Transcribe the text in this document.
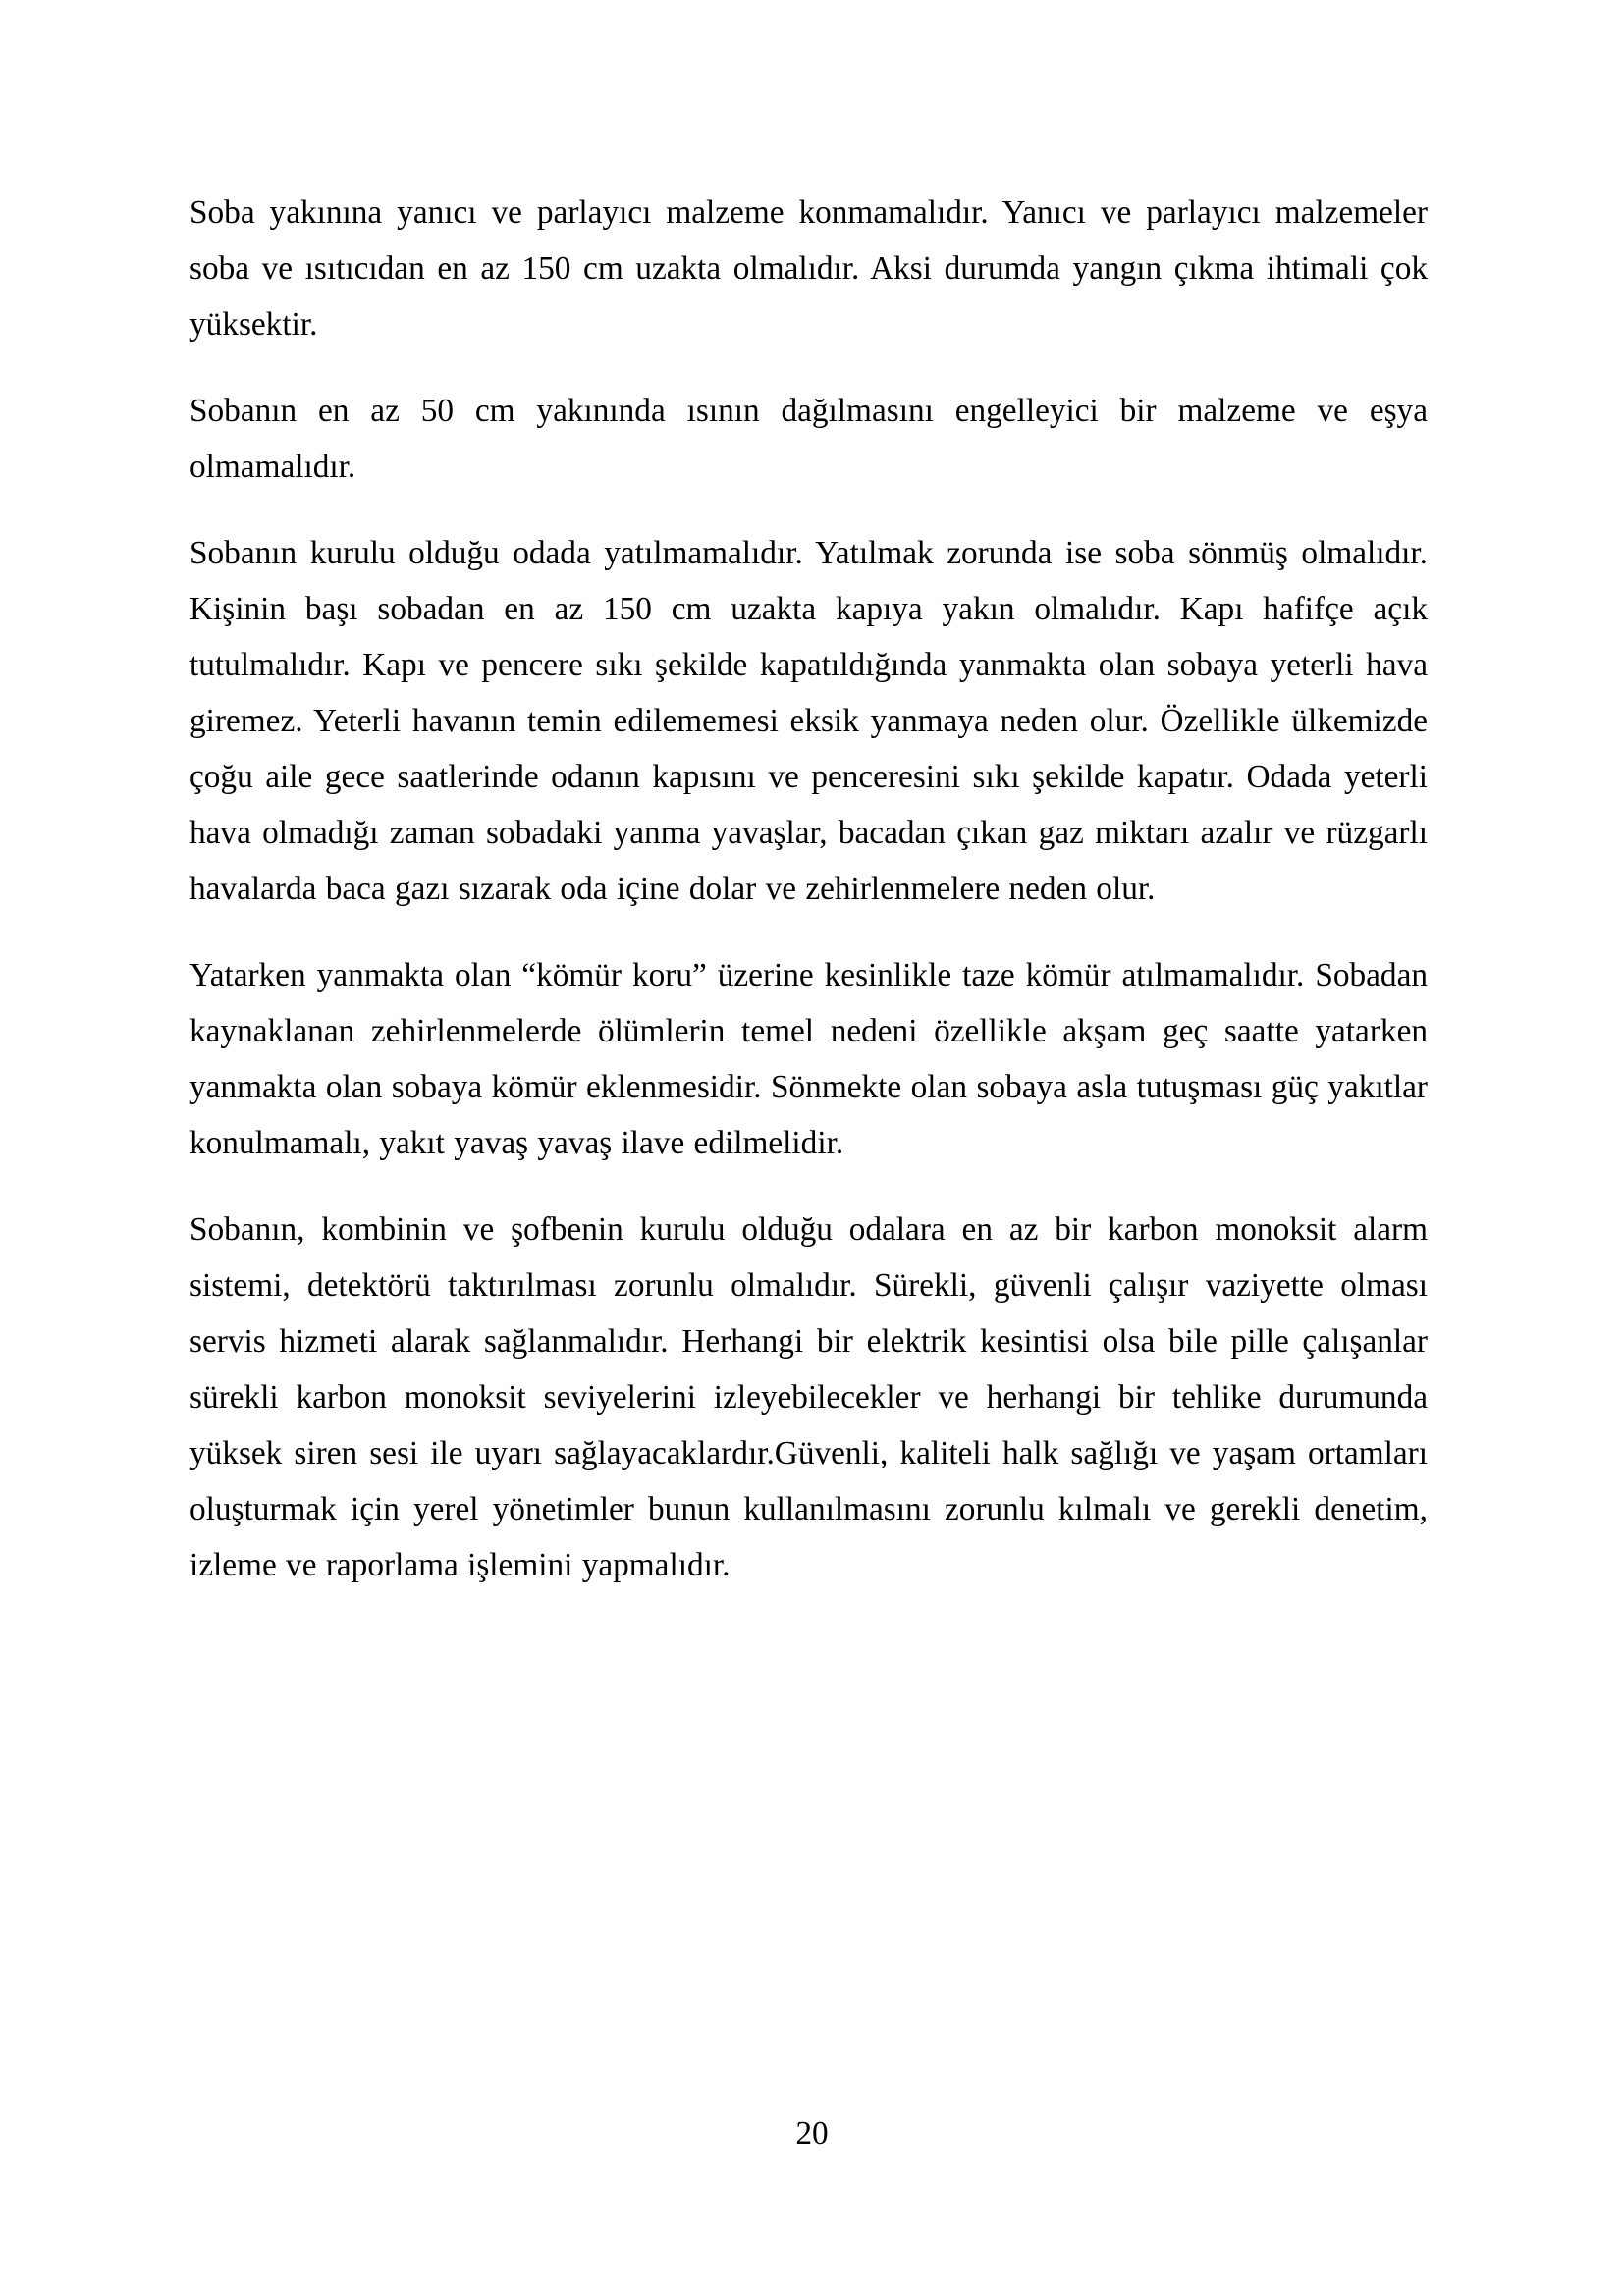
Soba yakınına yanıcı ve parlayıcı malzeme konmamalıdır. Yanıcı ve parlayıcı malzemeler soba ve ısıtıcıdan en az 150 cm uzakta olmalıdır. Aksi durumda yangın çıkma ihtimali çok yüksektir.

Sobanın en az 50 cm yakınında ısının dağılmasını engelleyici bir malzeme ve eşya olmamalıdır.

Sobanın kurulu olduğu odada yatılmamalıdır. Yatılmak zorunda ise soba sönmüş olmalıdır. Kişinin başı sobadan en az 150 cm uzakta kapıya yakın olmalıdır. Kapı hafifçe açık tutulmalıdır. Kapı ve pencere sıkı şekilde kapatıldığında yanmakta olan sobaya yeterli hava giremez. Yeterli havanın temin edilememesi eksik yanmaya neden olur. Özellikle ülkemizde çoğu aile gece saatlerinde odanın kapısını ve penceresini sıkı şekilde kapatır. Odada yeterli hava olmadığı zaman sobadaki yanma yavaşlar, bacadan çıkan gaz miktarı azalır ve rüzgarlı havalarda baca gazı sızarak oda içine dolar ve zehirlenmelere neden olur.

Yatarken yanmakta olan “kömür koru” üzerine kesinlikle taze kömür atılmamalıdır. Sobadan kaynaklanan zehirlenmelerde ölümlerin temel nedeni özellikle akşam geç saatte yatarken yanmakta olan sobaya kömür eklenmesidir. Sönmekte olan sobaya asla tutuşması güç yakıtlar konulmamalı, yakıt yavaş yavaş ilave edilmelidir.

Sobanın, kombinin ve şofbenin kurulu olduğu odalara en az bir karbon monoksit alarm sistemi, detektörü taktırılması zorunlu olmalıdır. Sürekli, güvenli çalışır vaziyette olması servis hizmeti alarak sağlanmalıdır. Herhangi bir elektrik kesintisi olsa bile pille çalışanlar sürekli karbon monoksit seviyelerini izleyebilecekler ve herhangi bir tehlike durumunda yüksek siren sesi ile uyarı sağlayacaklardır.Güvenli, kaliteli halk sağlığı ve yaşam ortamları oluşturmak için yerel yönetimler bunun kullanılmasını zorunlu kılmalı ve gerekli denetim, izleme ve raporlama işlemini yapmalıdır.

20
